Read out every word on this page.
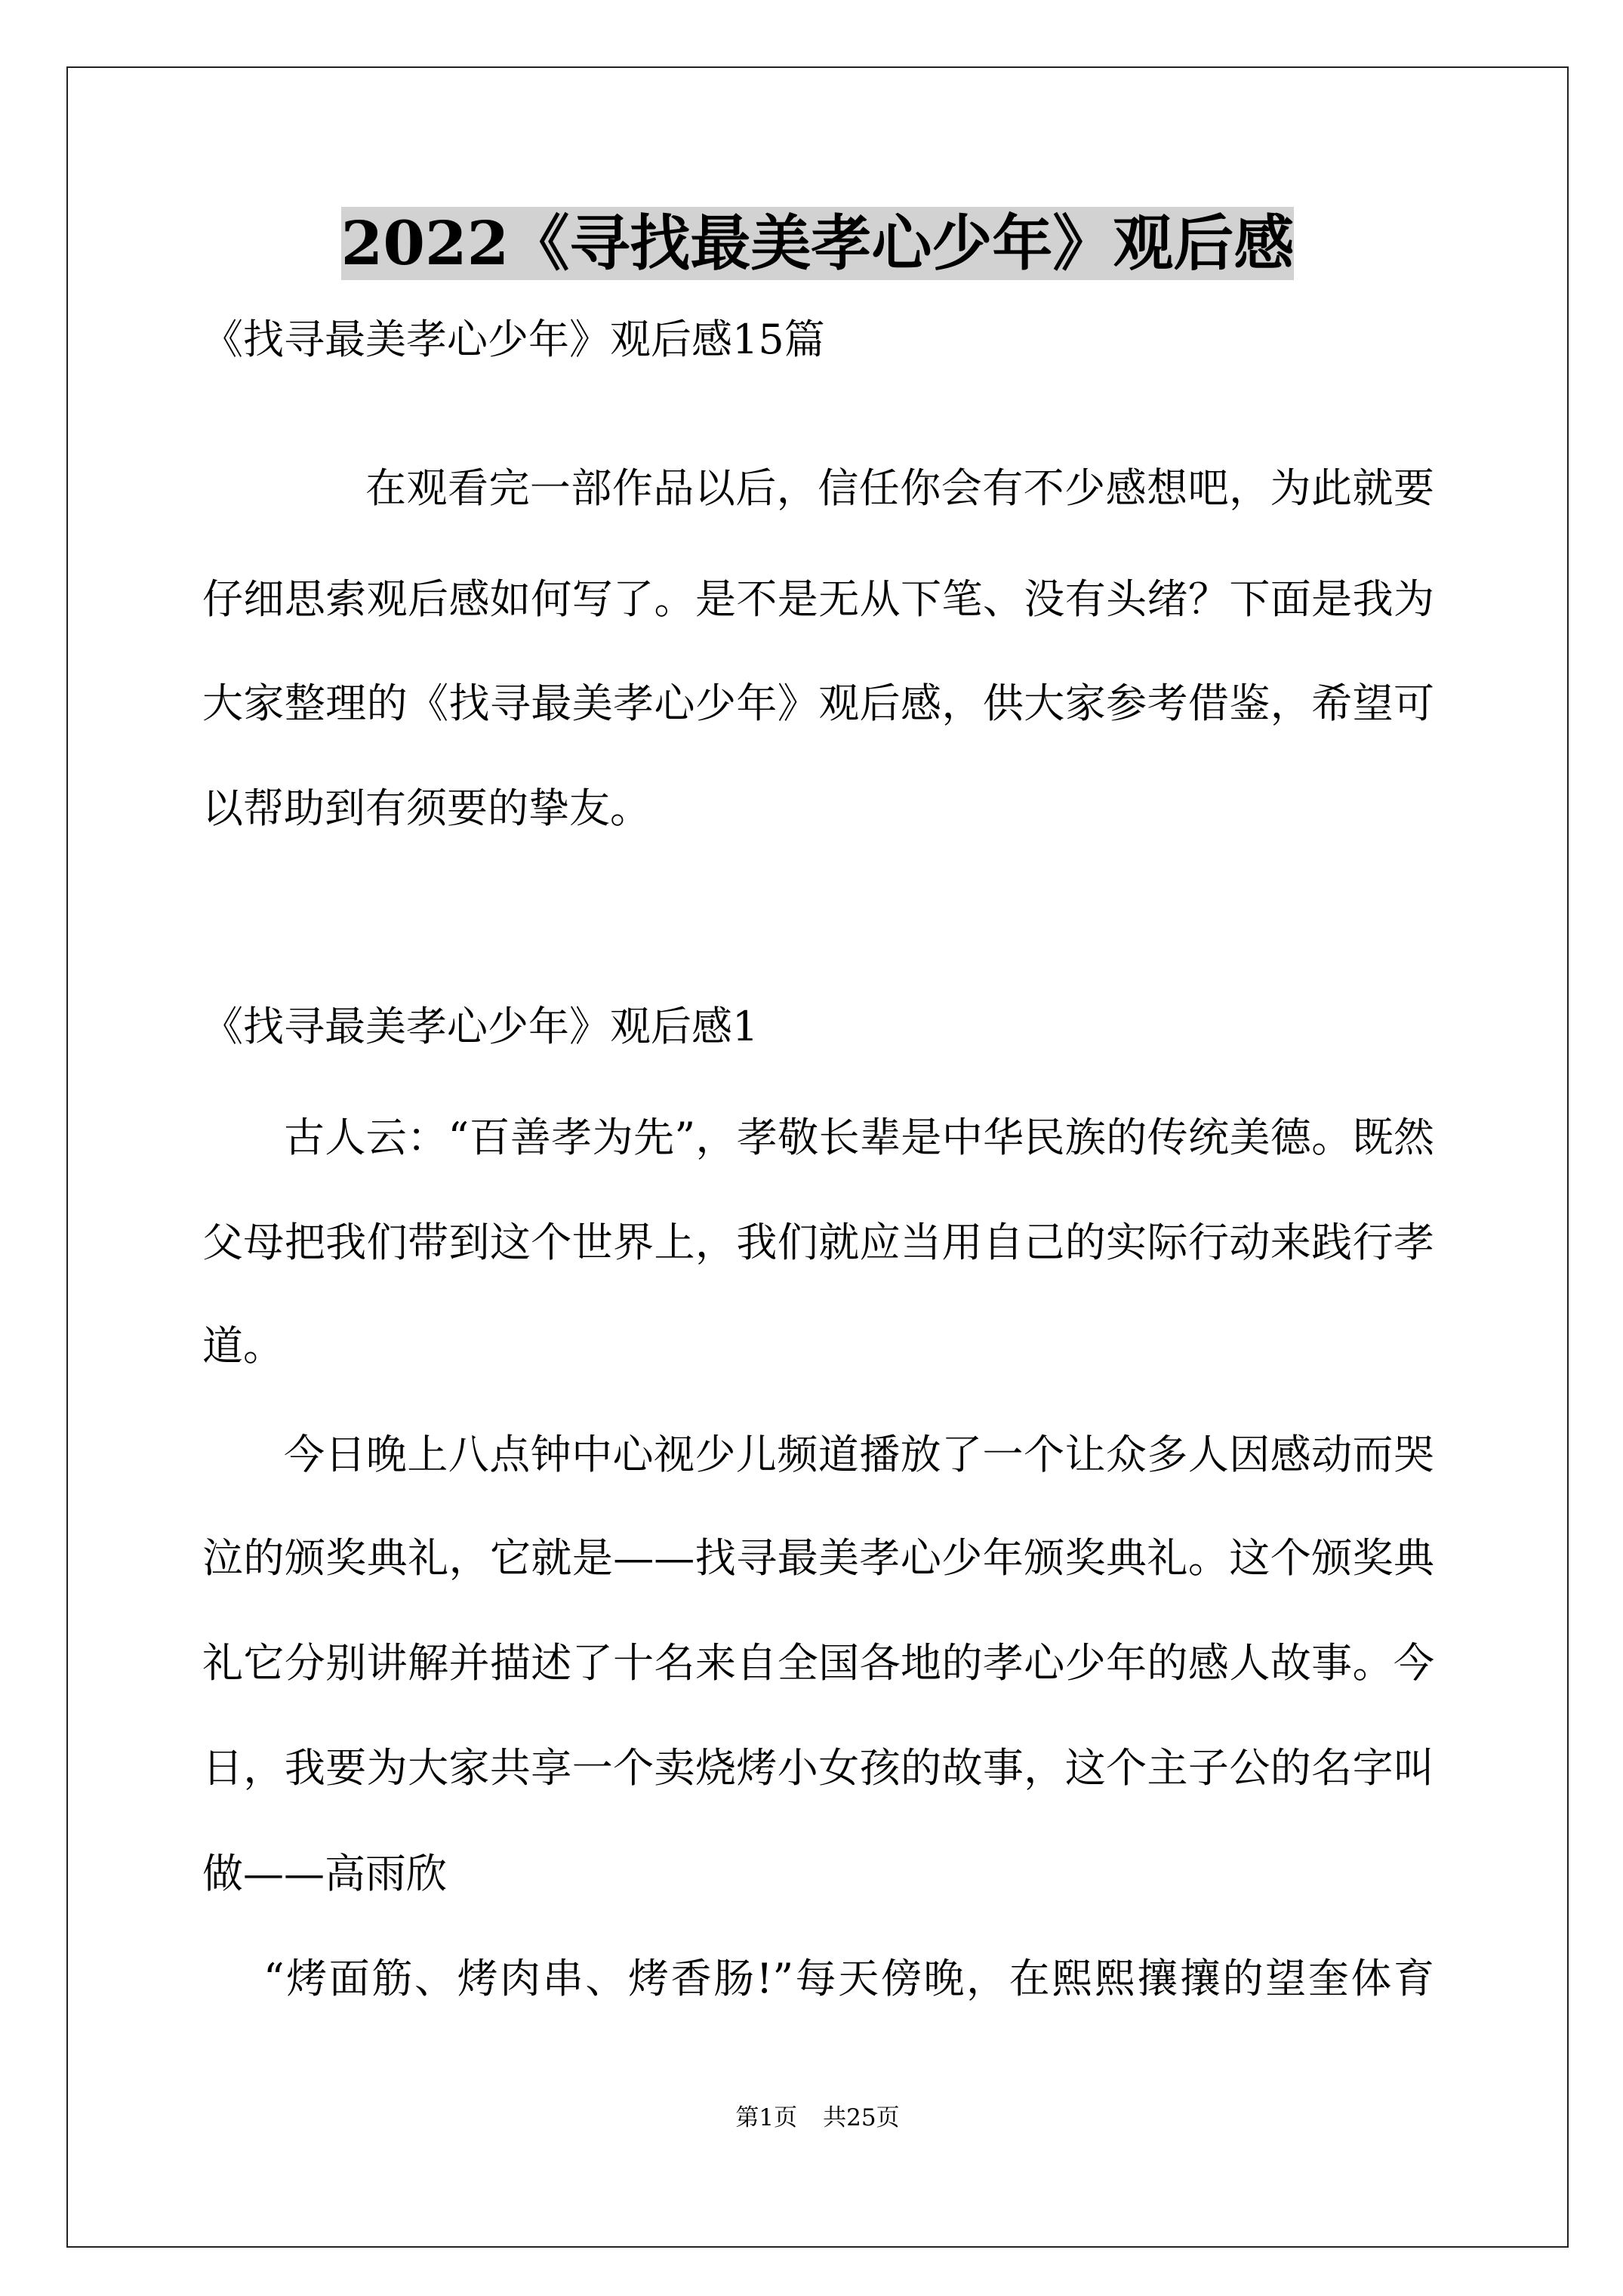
2022《寻找最美孝心少年》观后感
《找寻最美孝心少年》观后感15篇
在观看完一部作品以后，信任你会有不少感想吧，为此就要
仔细思索观后感如何写了。是不是无从下笔、没有头绪？下面是我为
大家整理的《找寻最美孝心少年》观后感，供大家参考借鉴，希望可
以帮助到有须要的挚友。
《找寻最美孝心少年》观后感1
古人云：“百善孝为先”，孝敬长辈是中华民族的传统美德。既然
父母把我们带到这个世界上，我们就应当用自己的实际行动来践行孝
道。
今日晚上八点钟中心视少儿频道播放了一个让众多人因感动而哭
泣的颁奖典礼，它就是——找寻最美孝心少年颁奖典礼。这个颁奖典
礼它分别讲解并描述了十名来自全国各地的孝心少年的感人故事。今
日，我要为大家共享一个卖烧烤小女孩的故事，这个主子公的名字叫
做——高雨欣
“烤面筋、烤肉串、烤香肠!”每天傍晚，在熙熙攘攘的望奎体育
第1页 共25页
